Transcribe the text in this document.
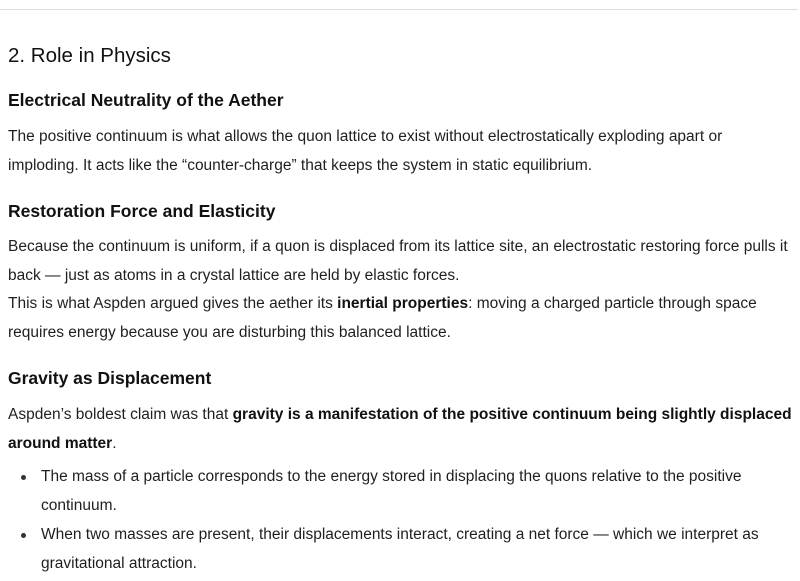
2. Role in Physics
Electrical Neutrality of the Aether

The positive continuum is what allows the quon lattice to exist without electrostatically exploding apart or imploding. It acts like the “counter-charge” that keeps the system in static equilibrium.

Restoration Force and Elasticity

Because the continuum is uniform, if a quon is displaced from its lattice site, an electrostatic restoring force pulls it back — just as atoms in a crystal lattice are held by elastic forces.

This is what Aspden argued gives the aether its inertial properties: moving a charged particle through space requires energy because you are disturbing this balanced lattice.

Gravity as Displacement

Aspden’s boldest claim was that gravity is a manifestation of the positive continuum being slightly displaced around matter.

The mass of a particle corresponds to the energy stored in displacing the quons relative to the positive continuum.
When two masses are present, their displacements interact, creating a net force — which we interpret as gravitational attraction.
